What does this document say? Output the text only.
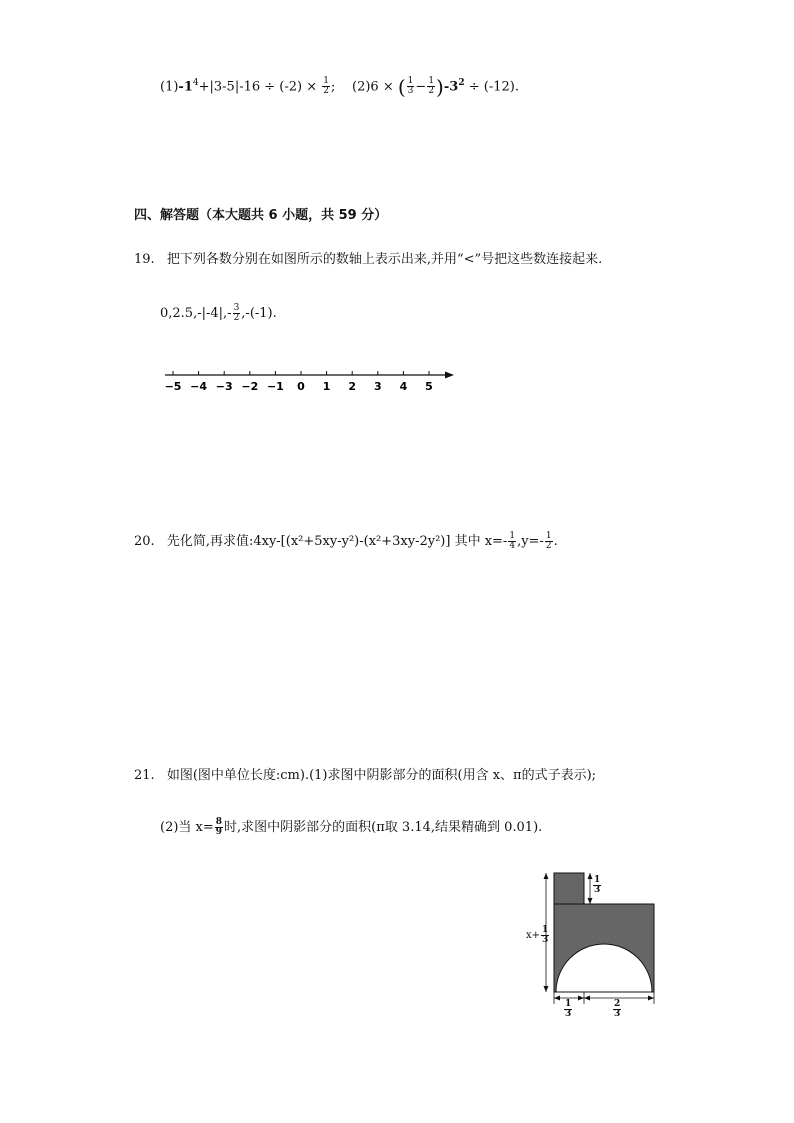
$(1)-1^4+|3-5|-16 \div (-2) \times \frac{1}{2}$ ; (2)6 × ( $\frac{1}{3} - \frac{1}{2} )-3^2 \div (-12)$.
四、解答题（本大题共 6 小题，共 59 分）
19. 把下列各数分别在如图所示的数轴上表示出来,并用“<”号把这些数连接起来.
$0,2.5,-|-4|,- \frac{3}{2} ,-(-1)$.
−5 −4 −3 −2 −1 0 1 2 3 4 5
20. 先化简,再求值:4xy-[(x²+5xy-y²)-(x²+3xy-2y²)] 其中 $x=- \frac{1}{4} ,y=- \frac{1}{2}$ .
21. 如图(图中单位长度:cm).(1)求图中阴影部分的面积(用含 x、π的式子表示);
(2)当 $x= \frac{8}{9}$ 时,求图中阴影部分的面积(π取 3.14,结果精确到 0.01).
$\frac{1}{3}$
$x+ \frac{1}{3}$
$\frac{1}{3}$	$\frac{2}{3}$
